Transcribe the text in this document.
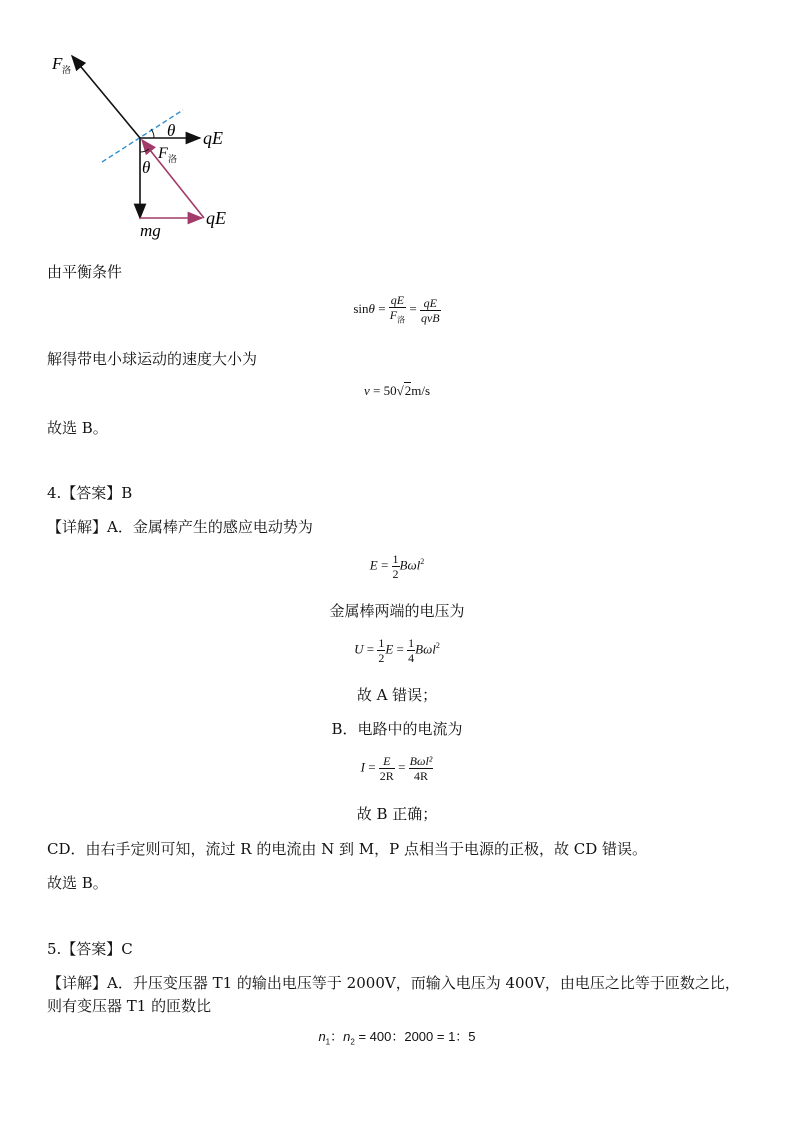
F 洛
θ qE
F 洛
θ
mg
qE
由平衡条件
$\sin\theta = \frac{qE}{F_洛} = \frac{qE}{\text{qvB}}$
解得带电小球运动的速度大小为
v = 50√2m/s
故选 B。
4.【答案】B
【详解】A．金属棒产生的感应电动势为
$E = \frac{1}{2} B\omega l^2$
金属棒两端的电压为
$U = \frac{1}{2}$ $E = \frac{1}{4} B\omega l^2$
故 A 错误；
B．电路中的电流为
$I = \frac{E}{2R} = \frac{\text{Bωl²}}{4R}$
故 B 正确；
CD．由右手定则可知，流过 R 的电流由 N 到 M，P 点相当于电源的正极，故 CD 错误。
故选 B。
5.【答案】C
【详解】A．升压变压器 T1 的输出电压等于 2000V，而输入电压为 400V，由电压之比等于匝数之比，
则有变压器 T1 的匝数比
$n_1$：$n_2 = 400$：2000 = 1：5
